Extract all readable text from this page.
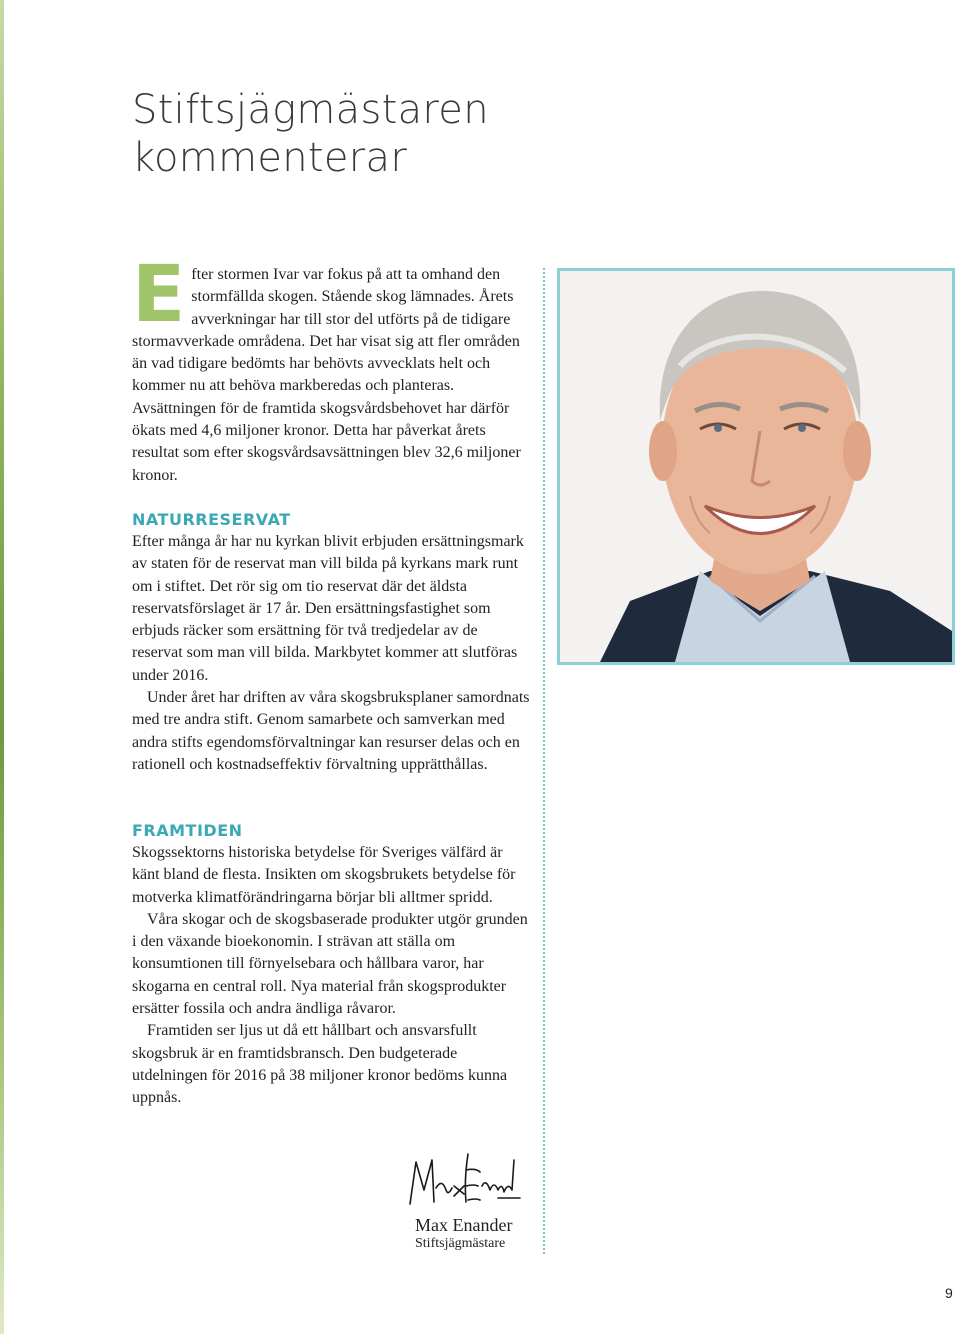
Stiftsjägmästaren
kommenterar

Efter stormen Ivar var fokus på att ta omhand den stormfällda skogen. Stående skog lämnades. Årets avverkningar har till stor del utförts på de tidigare stormavverkade områdena. Det har visat sig att fler områden än vad tidigare bedömts har behövts avvecklats helt och kommer nu att behöva markberedas och planteras. Avsättningen för de framtida skogsvårdsbehovet har därför ökats med 4,6 miljoner kronor. Detta har påverkat årets resultat som efter skogsvårdsavsättningen blev 32,6 miljoner kronor.

NATURRESERVAT

Efter många år har nu kyrkan blivit erbjuden ersättningsmark av staten för de reservat man vill bilda på kyrkans mark runt om i stiftet. Det rör sig om tio reservat där det äldsta reservatsförslaget är 17 år. Den ersättningsfastighet som erbjuds räcker som ersättning för två tredjedelar av de reservat som man vill bilda. Markbytet kommer att slutföras under 2016.

Under året har driften av våra skogsbruksplaner samordnats med tre andra stift. Genom samarbete och samverkan med andra stifts egendomsförvaltningar kan resurser delas och en rationell och kostnadseffektiv förvaltning upprätthållas.

FRAMTIDEN

Skogssektorns historiska betydelse för Sveriges välfärd är känt bland de flesta. Insikten om skogsbrukets betydelse för motverka klimatförändringarna börjar bli alltmer spridd.

Våra skogar och de skogsbaserade produkter utgör grunden i den växande bioekonomin. I strävan att ställa om konsumtionen till förnyelsebara och hållbara varor, har skogarna en central roll. Nya material från skogsprodukter ersätter fossila och andra ändliga råvaror.

Framtiden ser ljus ut då ett hållbart och ansvarsfullt skogsbruk är en framtidsbransch. Den budgeterade utdelningen för 2016 på 38 miljoner kronor bedöms kunna uppnås.

Max Enander

Stiftsjägmästare

9
